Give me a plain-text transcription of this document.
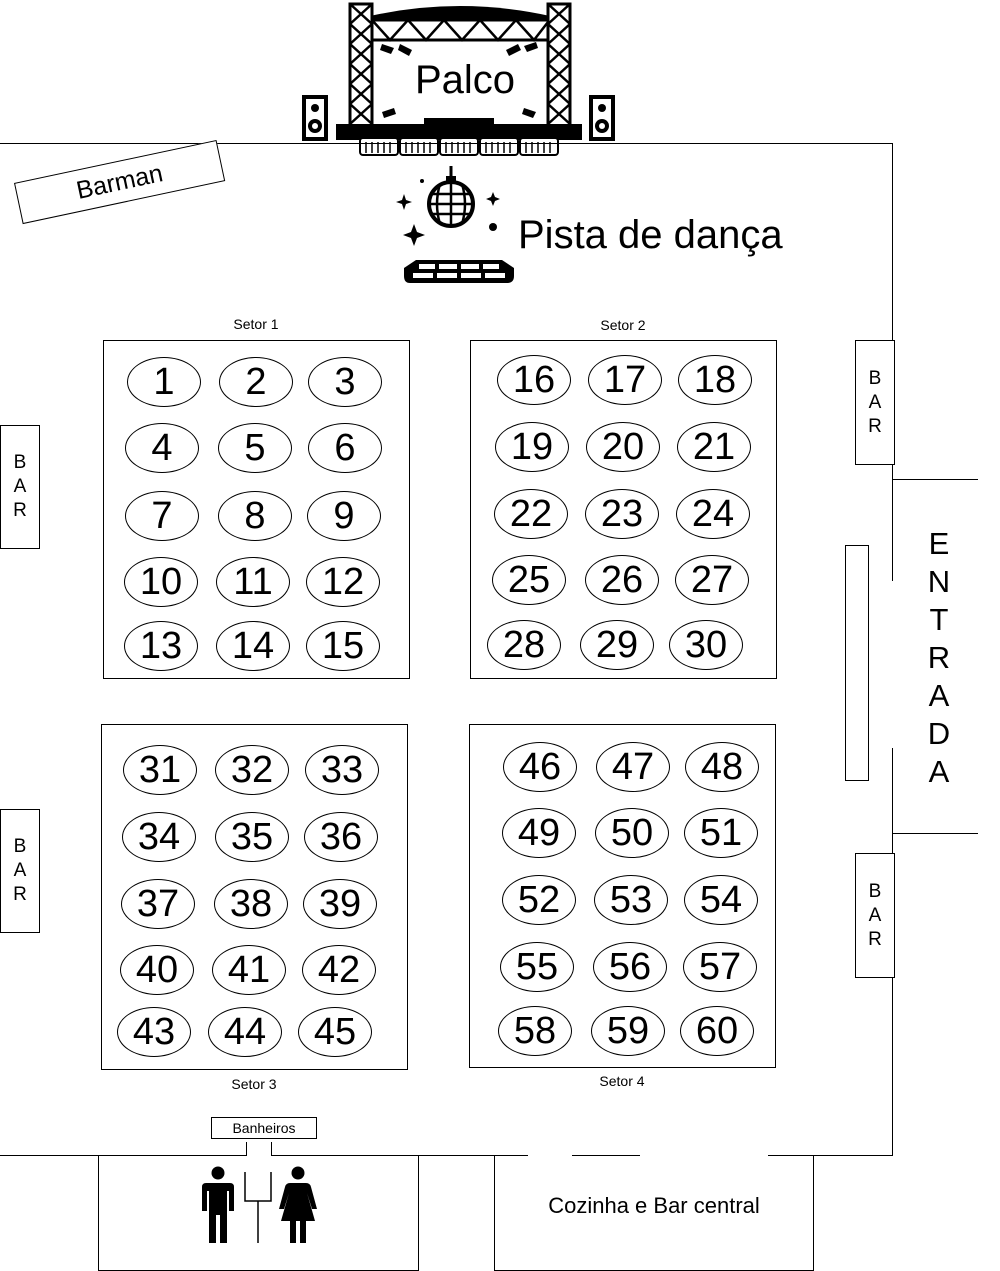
Palco
E
N
T
R
A
D
A
Barman
Pista de dança
B
A
R
B
A
R
B
A
R
B
A
R
Setor 1
1	2	3
4	5	6
7	8	9
10	11	12
13	14	15
Setor 2
16	17	18
19	20	21
22	23	24
25	26	27
28	29	30
Setor 3
31	32	33
34	35	36
37	38	39
40	41	42
43	44	45
Setor 4
46	47	48
49	50	51
52	53	54
55	56	57
58	59	60
Banheiros
Cozinha e Bar central
